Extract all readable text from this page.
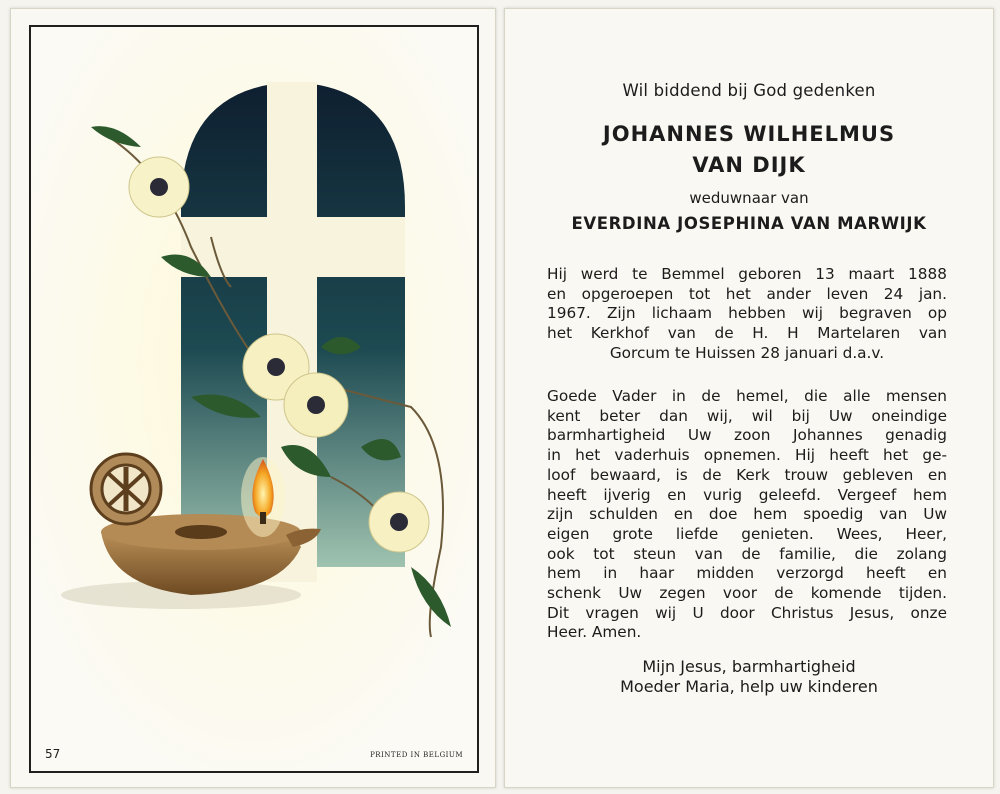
57	PRINTED IN BELGIUM
Wil biddend bij God gedenken
JOHANNES WILHELMUS
VAN DIJK
weduwnaar van
EVERDINA JOSEPHINA VAN MARWIJK
Hij werd te Bemmel geboren 13 maart 1888
en opgeroepen tot het ander leven 24 jan.
1967. Zijn lichaam hebben wij begraven op
het Kerkhof van de H. H Martelaren van
Gorcum te Huissen 28 januari d.a.v.
Goede Vader in de hemel, die alle mensen
kent beter dan wij, wil bij Uw oneindige
barmhartigheid Uw zoon Johannes genadig
in het vaderhuis opnemen. Hij heeft het ge-
loof bewaard, is de Kerk trouw gebleven en
heeft ijverig en vurig geleefd. Vergeef hem
zijn schulden en doe hem spoedig van Uw
eigen grote liefde genieten. Wees, Heer,
ook tot steun van de familie, die zolang
hem in haar midden verzorgd heeft en
schenk Uw zegen voor de komende tijden.
Dit vragen wij U door Christus Jesus, onze
Heer. Amen.
Mijn Jesus, barmhartigheid
Moeder Maria, help uw kinderen
